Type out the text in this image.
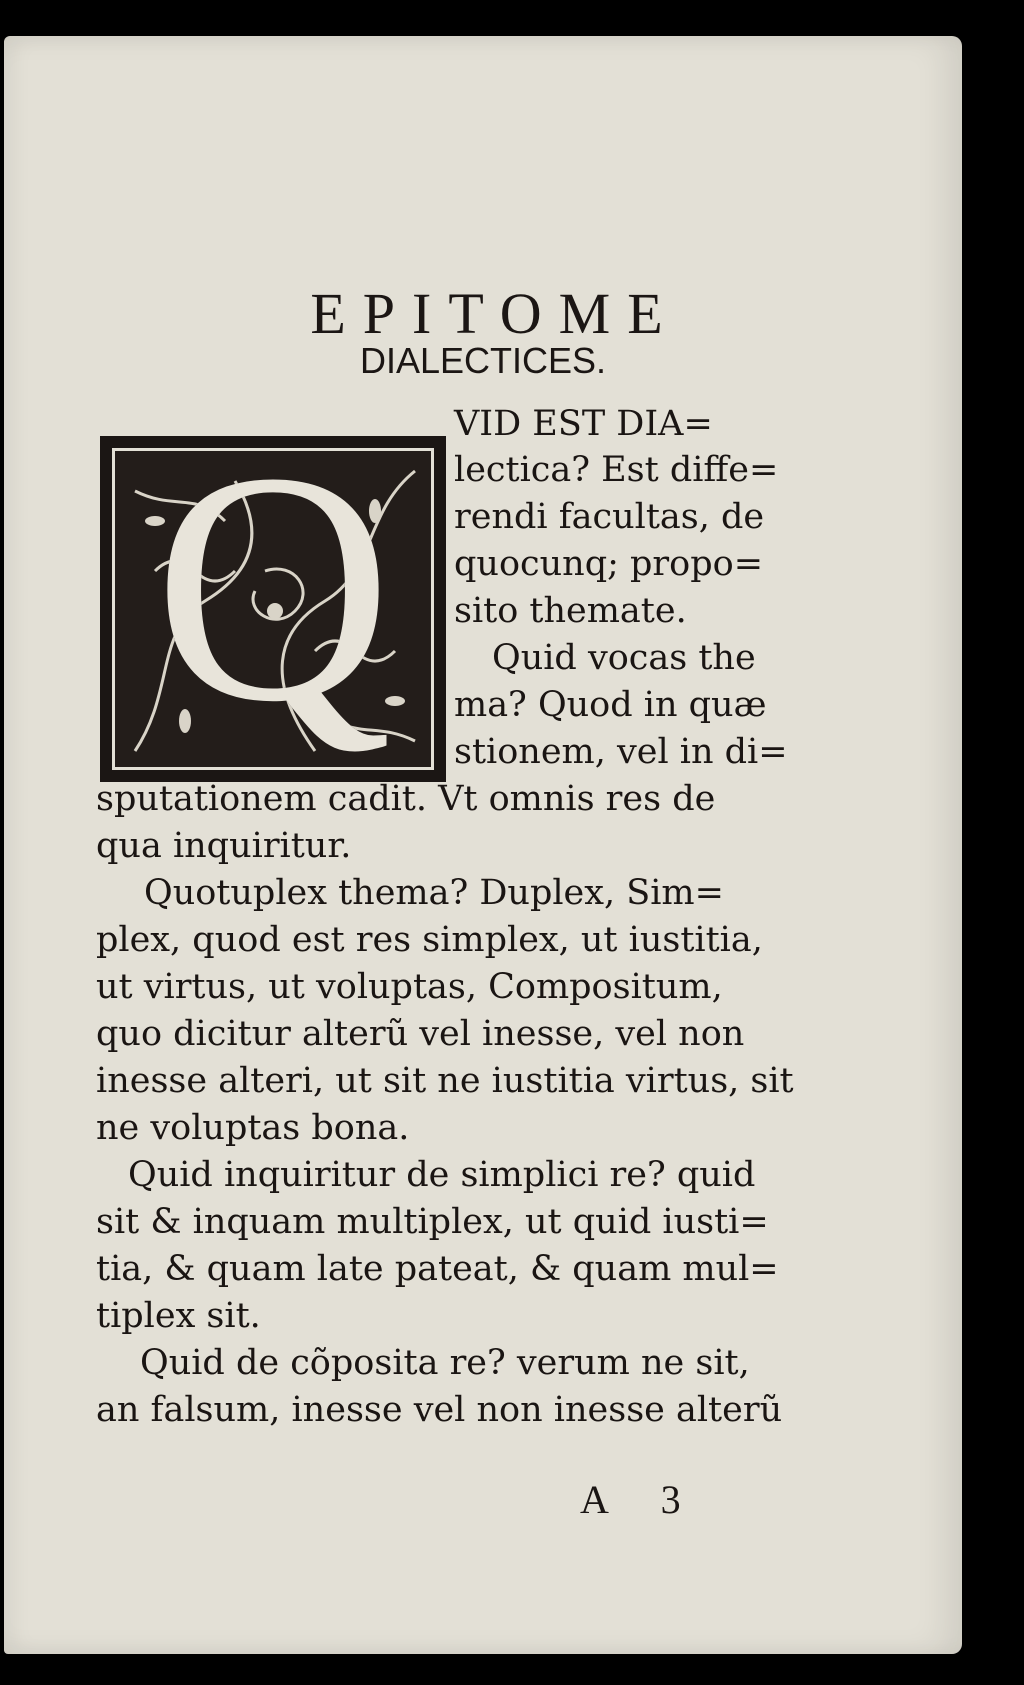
EPITOME
DIALECTICES.
Q	VID EST DIA=

lectica? Est diffe=

rendi facultas, de

quocunq; propo=

sito themate.

Quid vocas the

ma? Quod in quæ

stionem, vel in di=

sputationem cadit. Vt omnis res de

qua inquiritur.

Quotuplex thema? Duplex, Sim=

plex, quod est res simplex, ut iustitia,

ut virtus, ut voluptas, Compositum,

quo dicitur alterũ vel inesse, vel non

inesse alteri, ut sit ne iustitia virtus, sit

ne voluptas bona.

Quid inquiritur de simplici re? quid

sit & inquam multiplex, ut quid iusti=

tia, & quam late pateat, & quam mul=

tiplex sit.

Quid de cõposita re? verum ne sit,

an falsum, inesse vel non inesse alterũ

A 3
